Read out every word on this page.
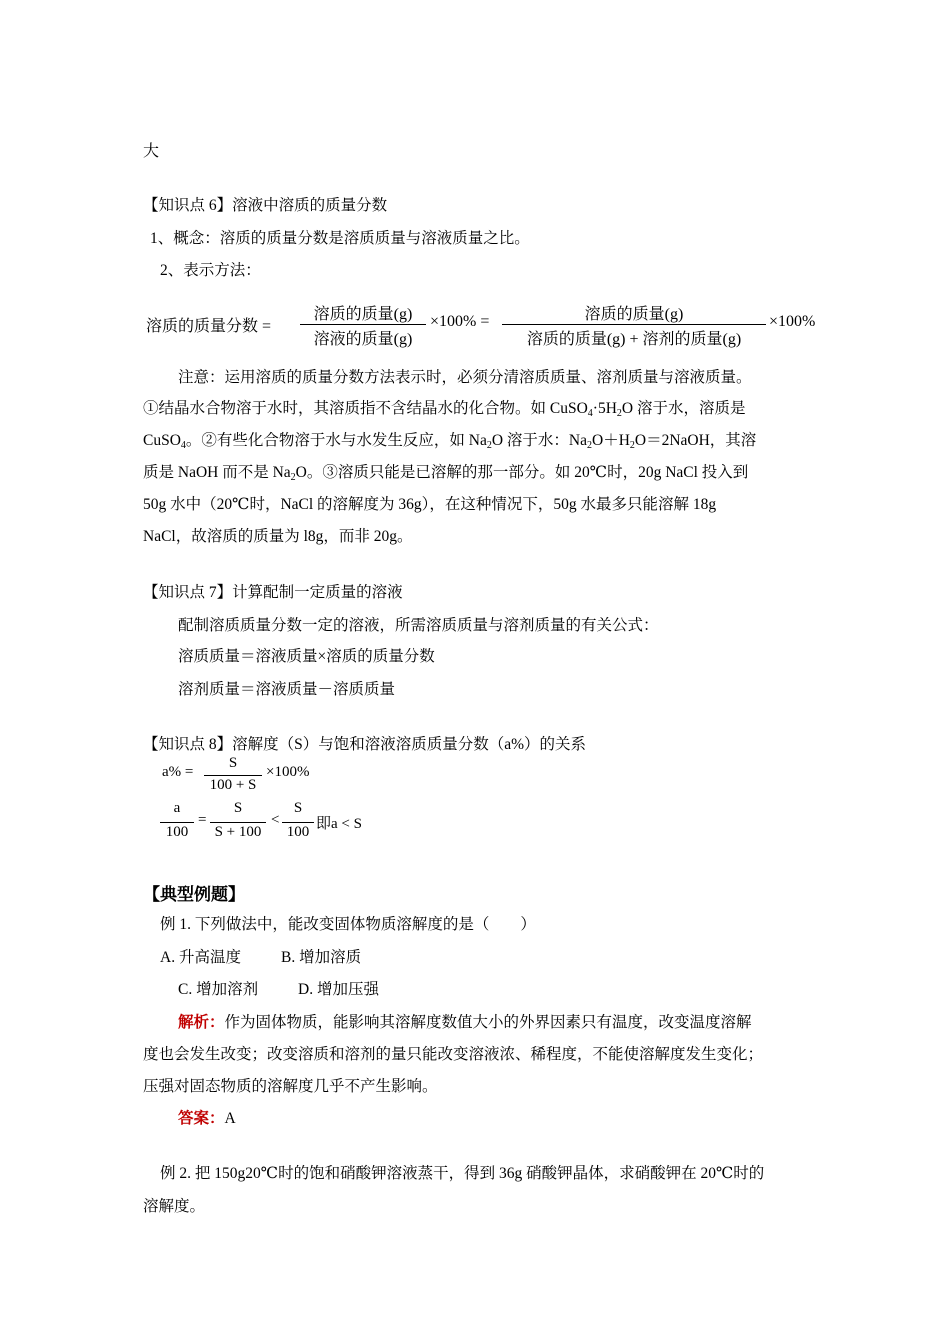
大
【知识点 6】溶液中溶质的质量分数
1、概念：溶质的质量分数是溶质质量与溶液质量之比。
2、表示方法：
溶质的质量分数 =
溶质的质量(g)
溶液的质量(g)
×100% =	溶质的质量(g)
溶质的质量(g) + 溶剂的质量(g)
×100%
注意：运用溶质的质量分数方法表示时，必须分清溶质质量、溶剂质量与溶液质量。
①结晶水合物溶于水时，其溶质指不含结晶水的化合物。如 $CuSO_4\cdot 5H_2O$ 溶于水，溶质是
CuSO$_4$。②有些化合物溶于水与水发生反应，如 $Na_2O$ 溶于水：$Na_2O+H_2O=2NaOH$，其溶
质是 NaOH 而不是 $Na_2O$。③溶质只能是已溶解的那一部分。如 20℃时，20g NaCl 投入到
50g 水中（20℃时，NaCl 的溶解度为 36g），在这种情况下，50g 水最多只能溶解 18g
NaCl，故溶质的质量为 l8g，而非 20g。
【知识点 7】计算配制一定质量的溶液
配制溶质质量分数一定的溶液，所需溶质质量与溶剂质量的有关公式：
溶质质量＝溶液质量×溶质的质量分数
溶剂质量＝溶液质量－溶质质量
【知识点 8】溶解度（S）与饱和溶液溶质质量分数（a%）的关系
a% =
S
100 + S
×100%
a
100
=
S
S + 100
<
S
100 即a < S
【典型例题】
例 1. 下列做法中，能改变固体物质溶解度的是（　　）
A. 升高温度	B. 增加溶质
C. 增加溶剂	D. 增加压强
解析：作为固体物质，能影响其溶解度数值大小的外界因素只有温度，改变温度溶解
度也会发生改变；改变溶质和溶剂的量只能改变溶液浓、稀程度，不能使溶解度发生变化；
压强对固态物质的溶解度几乎不产生影响。
答案：A
例 2. 把 150g20℃时的饱和硝酸钾溶液蒸干，得到 36g 硝酸钾晶体，求硝酸钾在 20℃时的
溶解度。
